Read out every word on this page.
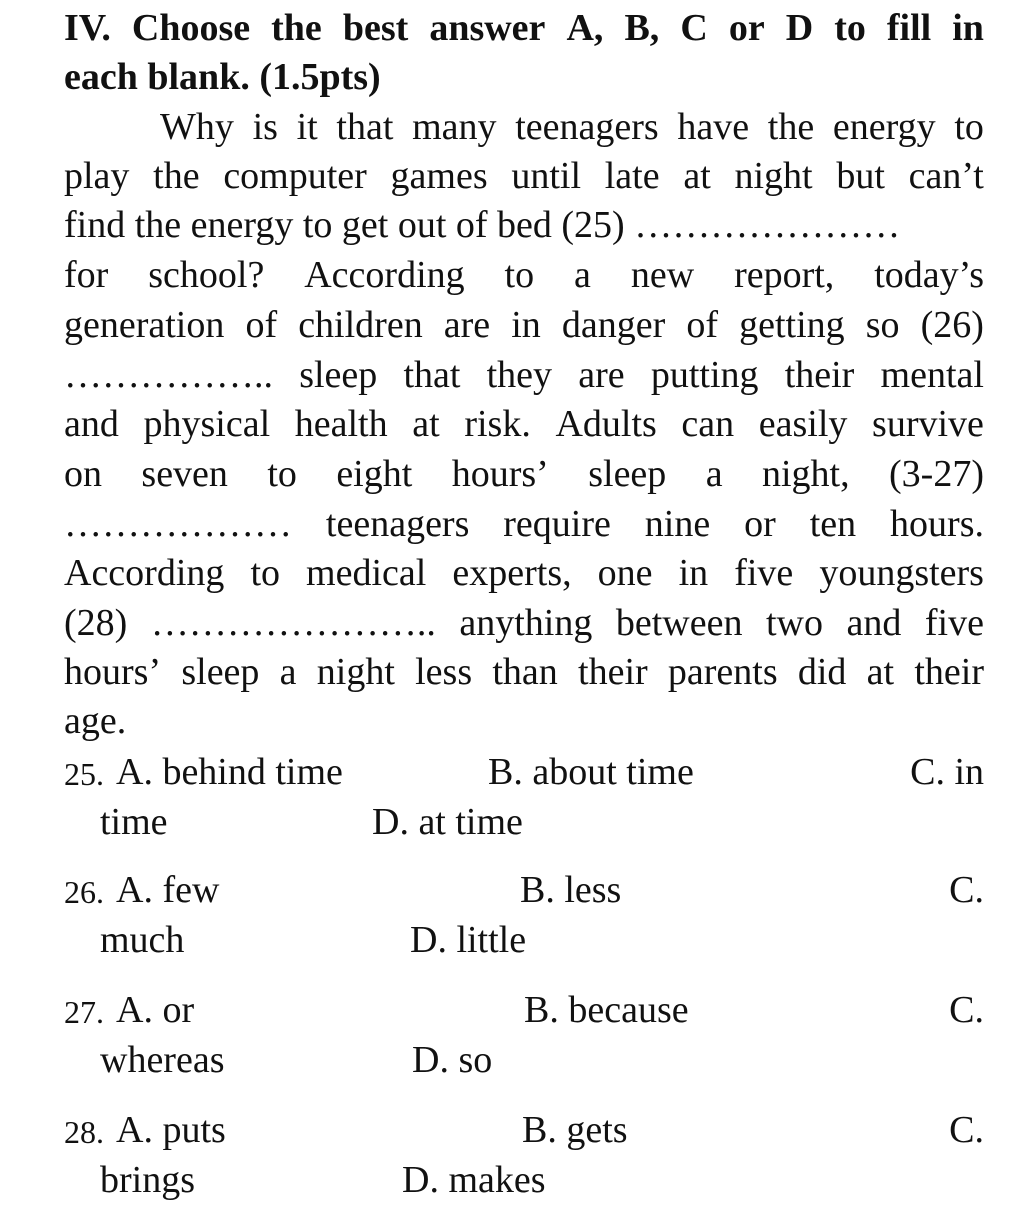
IV. Choose the best answer A, B, C or D to fill in
each blank. (1.5pts)
Why is it that many teenagers have the energy to
play the computer games until late at night but can’t
find the energy to get out of bed (25) …………………
for school? According to a new report, today’s
generation of children are in danger of getting so (26)
…………….. sleep that they are putting their mental
and physical health at risk. Adults can easily survive
on seven to eight hours’ sleep a night, (3-27)
……………… teenagers require nine or ten hours.
According to medical experts, one in five youngsters
(28) ………………….. anything between two and five
hours’ sleep a night less than their parents did at their
age.
25. A. behind time	B. about time	C. in
time	D. at time
26. A. few	B. less	C.
much	D. little
27. A. or	B. because	C.
whereas	D. so
28. A. puts	B. gets	C.
brings	D. makes
